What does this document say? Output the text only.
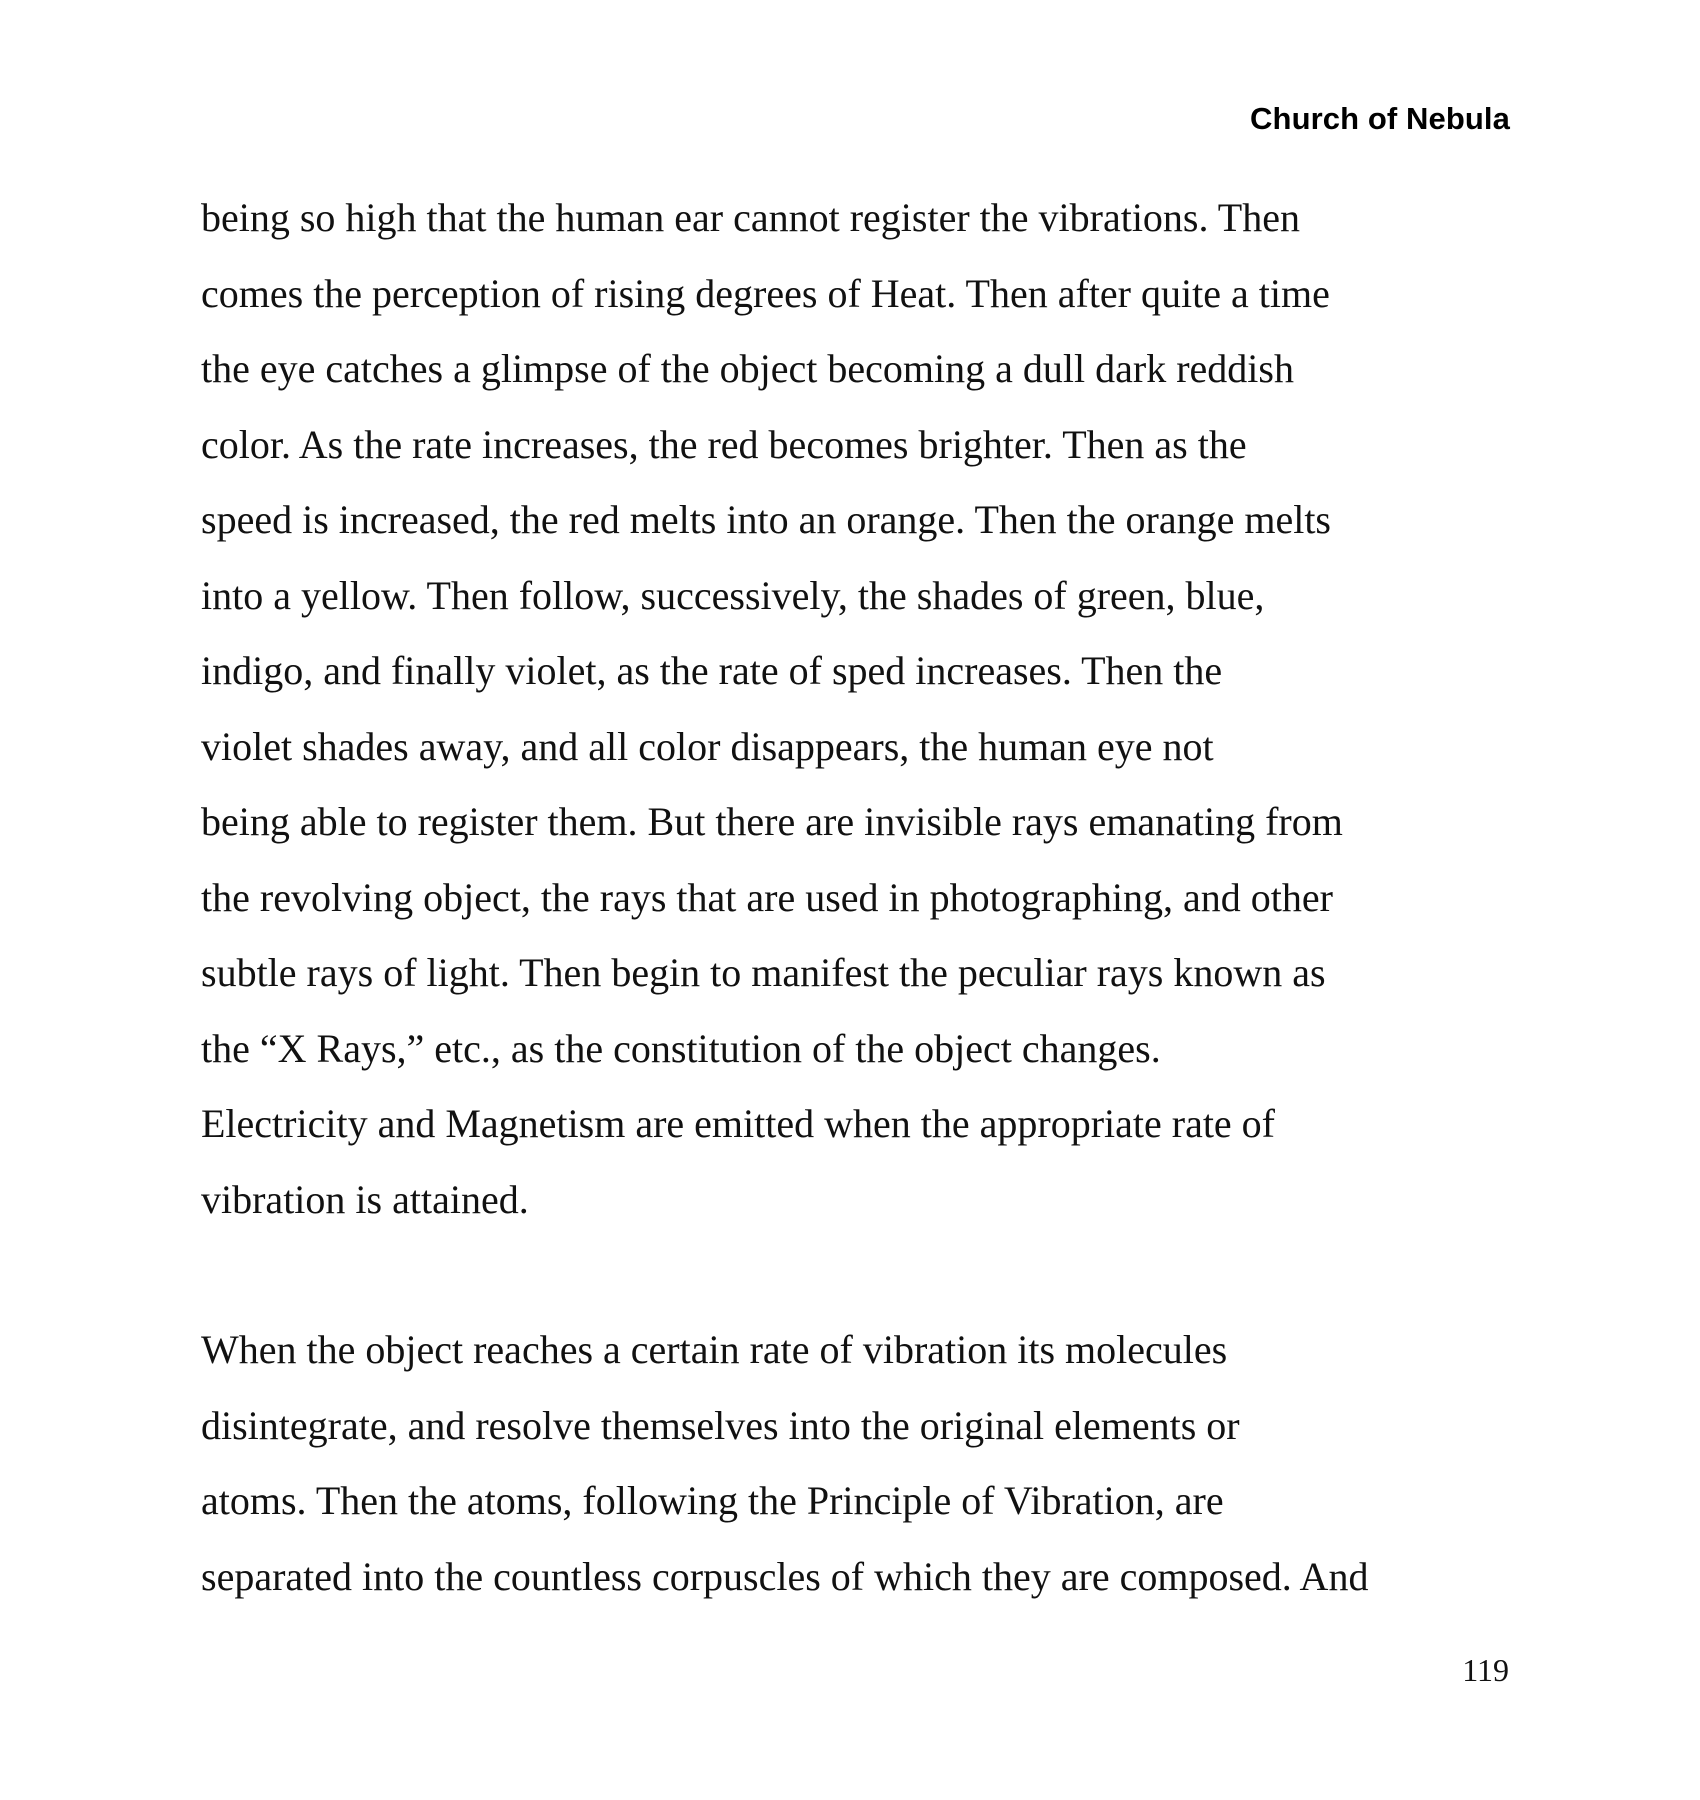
Church of Nebula
being so high that the human ear cannot register the vibrations. Then
comes the perception of rising degrees of Heat. Then after quite a time
the eye catches a glimpse of the object becoming a dull dark reddish
color. As the rate increases, the red becomes brighter. Then as the
speed is increased, the red melts into an orange. Then the orange melts
into a yellow. Then follow, successively, the shades of green, blue,
indigo, and finally violet, as the rate of sped increases. Then the
violet shades away, and all color disappears, the human eye not
being able to register them. But there are invisible rays emanating from
the revolving object, the rays that are used in photographing, and other
subtle rays of light. Then begin to manifest the peculiar rays known as
the “X Rays,” etc., as the constitution of the object changes.
Electricity and Magnetism are emitted when the appropriate rate of
vibration is attained.
When the object reaches a certain rate of vibration its molecules
disintegrate, and resolve themselves into the original elements or
atoms. Then the atoms, following the Principle of Vibration, are
separated into the countless corpuscles of which they are composed. And
119
